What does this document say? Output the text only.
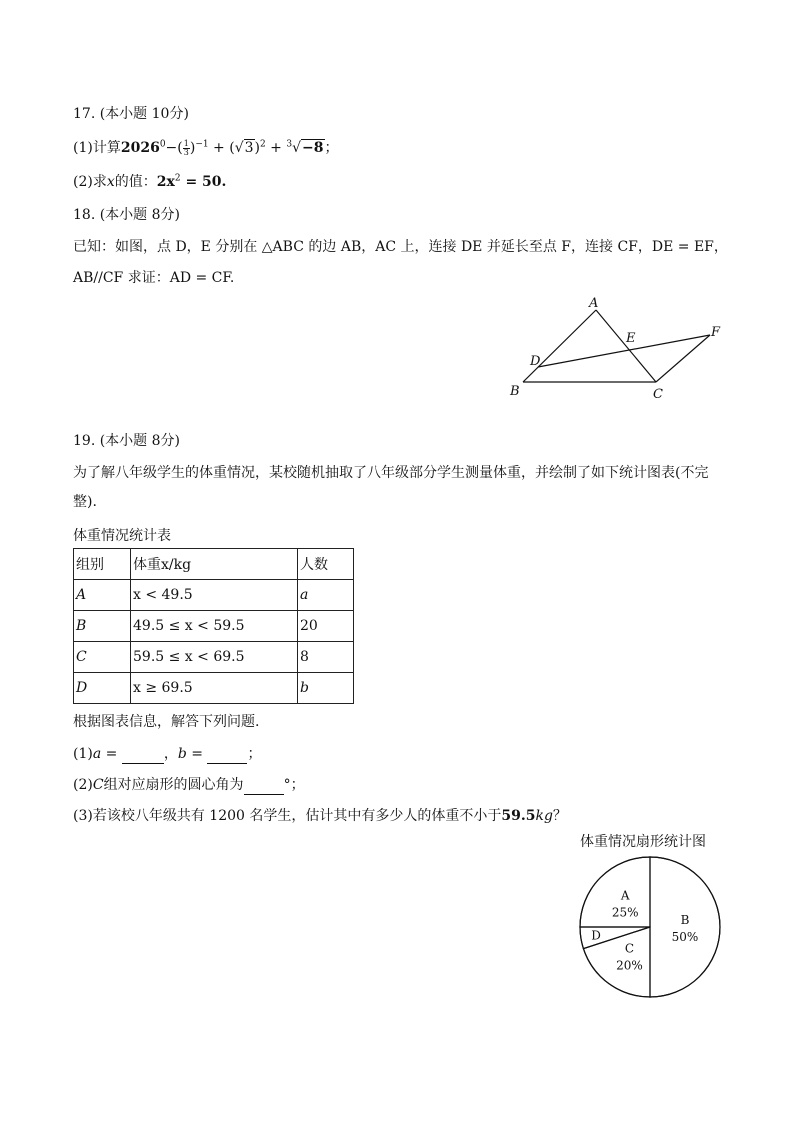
17. (本小题 10分)
(1)计算$2026^0-( \frac{1}{3} )^{-1} + (√3)^2 + ^3√-8$；
(2)求x的值：$2x^2 = 50$.
18. (本小题 8分)
已知：如图，点 D，E 分别在 △ABC 的边 AB，AC 上，连接 DE 并延长至点 F，连接 CF，DE = EF，
AB//CF 求证：AD = CF.
A
B	C
D
E	F
19. (本小题 8分)
为了解八年级学生的体重情况，某校随机抽取了八年级部分学生测量体重，并绘制了如下统计图表(不完
整).
体重情况统计表
组别	体重x/kg	人数
A	x < 49.5	a
B	49.5 ≤ x < 59.5	20
C	59.5 ≤ x < 69.5	8
D	x ≥ 69.5	b
根据图表信息，解答下列问题.
(1)a =	，b =	；
(2)C组对应扇形的圆心角为	°；
(3)若该校八年级共有 1200 名学生，估计其中有多少人的体重不小于59.5kg？
体重情况扇形统计图
B
50%
C
20%
D
A
25%
